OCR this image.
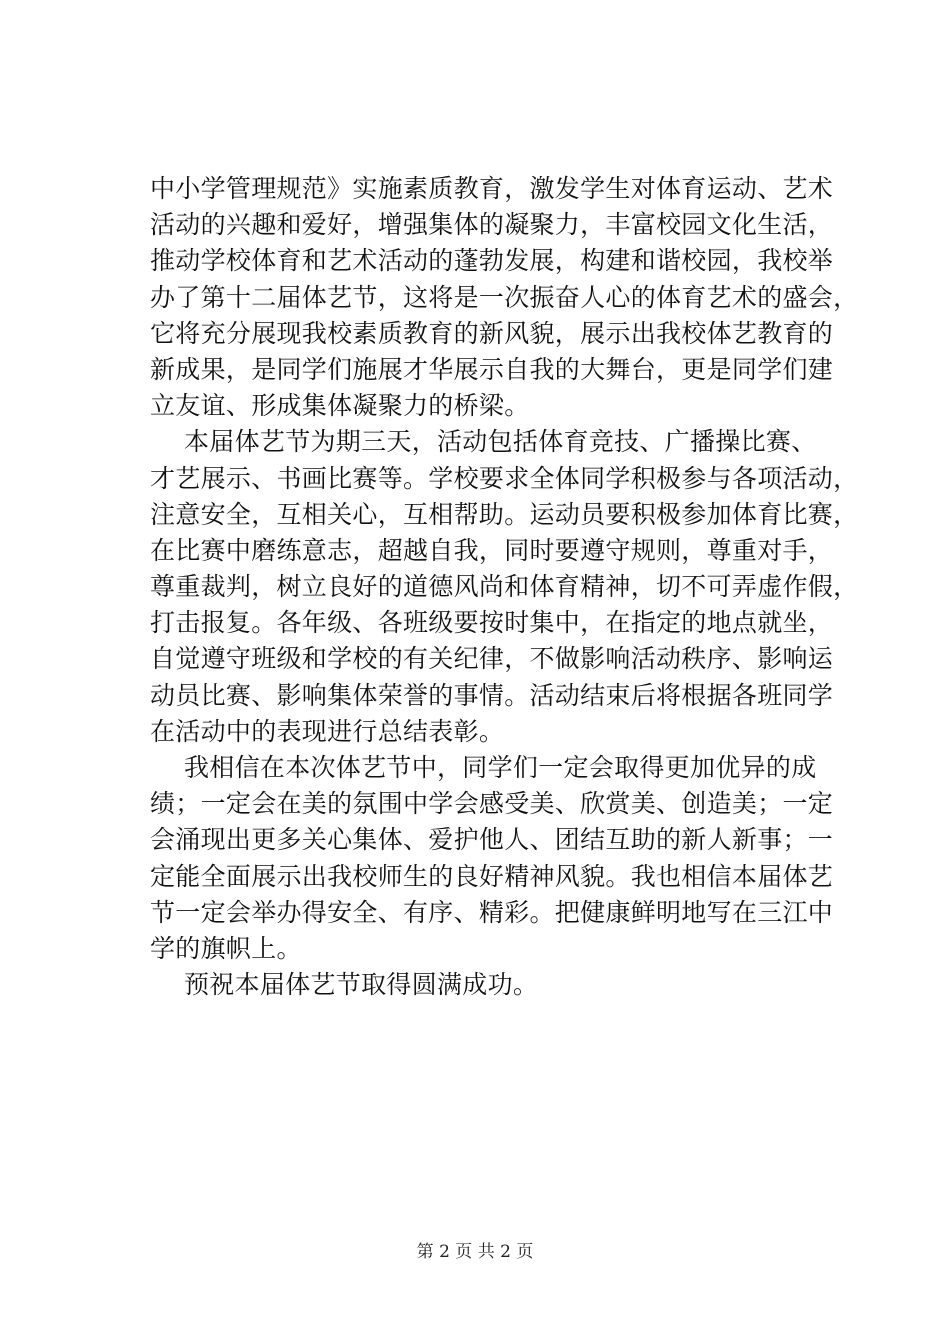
中小学管理规范》实施素质教育，激发学生对体育运动、艺术
活动的兴趣和爱好，增强集体的凝聚力，丰富校园文化生活，
推动学校体育和艺术活动的蓬勃发展，构建和谐校园，我校举
办了第十二届体艺节，这将是一次振奋人心的体育艺术的盛会，
它将充分展现我校素质教育的新风貌，展示出我校体艺教育的
新成果，是同学们施展才华展示自我的大舞台，更是同学们建
立友谊、形成集体凝聚力的桥梁。
本届体艺节为期三天，活动包括体育竞技、广播操比赛、
才艺展示、书画比赛等。学校要求全体同学积极参与各项活动，
注意安全，互相关心，互相帮助。运动员要积极参加体育比赛，
在比赛中磨练意志，超越自我，同时要遵守规则，尊重对手，
尊重裁判，树立良好的道德风尚和体育精神，切不可弄虚作假，
打击报复。各年级、各班级要按时集中，在指定的地点就坐，
自觉遵守班级和学校的有关纪律，不做影响活动秩序、影响运
动员比赛、影响集体荣誉的事情。活动结束后将根据各班同学
在活动中的表现进行总结表彰。
我相信在本次体艺节中，同学们一定会取得更加优异的成
绩；一定会在美的氛围中学会感受美、欣赏美、创造美；一定
会涌现出更多关心集体、爱护他人、团结互助的新人新事；一
定能全面展示出我校师生的良好精神风貌。我也相信本届体艺
节一定会举办得安全、有序、精彩。把健康鲜明地写在三江中
学的旗帜上。
预祝本届体艺节取得圆满成功。
第 2 页 共 2 页
